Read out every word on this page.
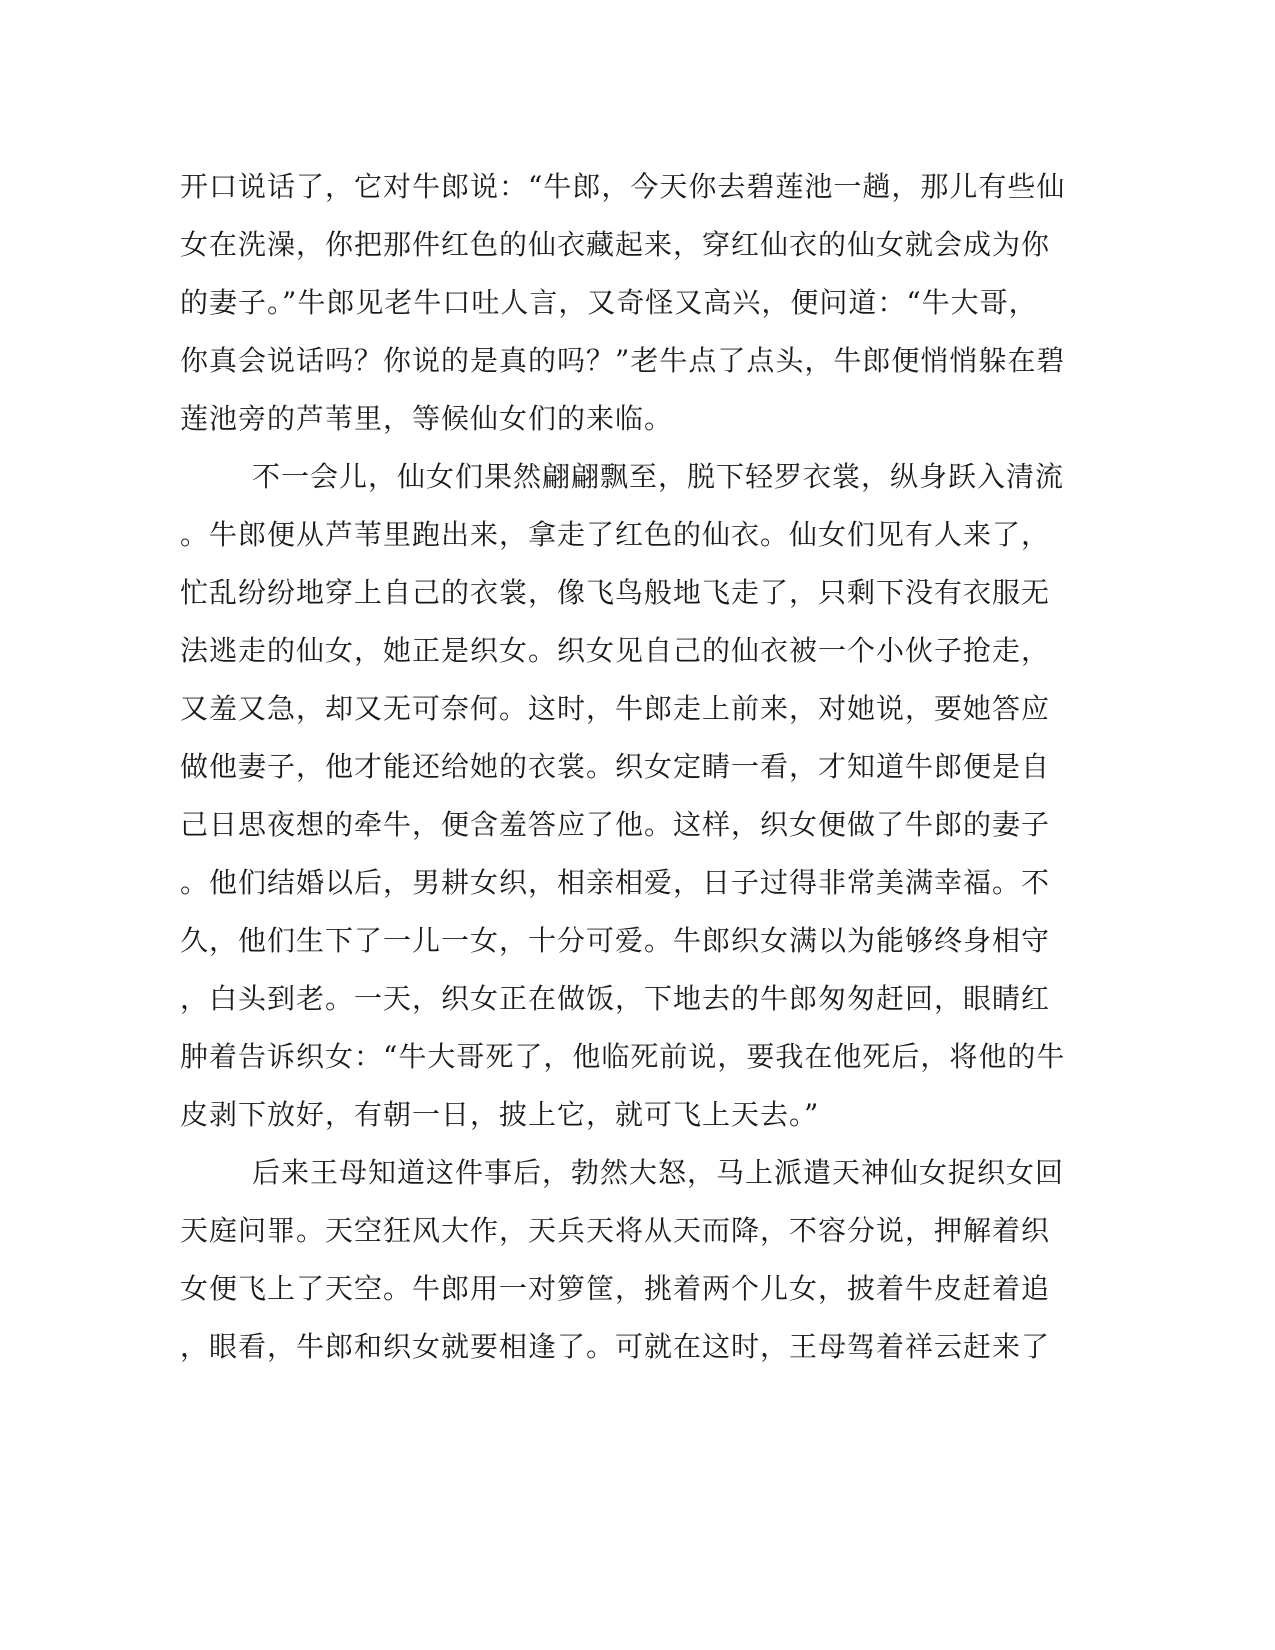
开口说话了，它对牛郎说：“牛郎，今天你去碧莲池一趟，那儿有些仙
女在洗澡，你把那件红色的仙衣藏起来，穿红仙衣的仙女就会成为你
的妻子。”牛郎见老牛口吐人言，又奇怪又高兴，便问道：“牛大哥，
你真会说话吗？你说的是真的吗？”老牛点了点头，牛郎便悄悄躲在碧
莲池旁的芦苇里，等候仙女们的来临。
不一会儿，仙女们果然翩翩飘至，脱下轻罗衣裳，纵身跃入清流
。牛郎便从芦苇里跑出来，拿走了红色的仙衣。仙女们见有人来了，
忙乱纷纷地穿上自己的衣裳，像飞鸟般地飞走了，只剩下没有衣服无
法逃走的仙女，她正是织女。织女见自己的仙衣被一个小伙子抢走，
又羞又急，却又无可奈何。这时，牛郎走上前来，对她说，要她答应
做他妻子，他才能还给她的衣裳。织女定睛一看，才知道牛郎便是自
己日思夜想的牵牛，便含羞答应了他。这样，织女便做了牛郎的妻子
。他们结婚以后，男耕女织，相亲相爱，日子过得非常美满幸福。不
久，他们生下了一儿一女，十分可爱。牛郎织女满以为能够终身相守
，白头到老。一天，织女正在做饭，下地去的牛郎匆匆赶回，眼睛红
肿着告诉织女：“牛大哥死了，他临死前说，要我在他死后，将他的牛
皮剥下放好，有朝一日，披上它，就可飞上天去。”
后来王母知道这件事后，勃然大怒，马上派遣天神仙女捉织女回
天庭问罪。天空狂风大作，天兵天将从天而降，不容分说，押解着织
女便飞上了天空。牛郎用一对箩筐，挑着两个儿女，披着牛皮赶着追
，眼看，牛郎和织女就要相逢了。可就在这时，王母驾着祥云赶来了
